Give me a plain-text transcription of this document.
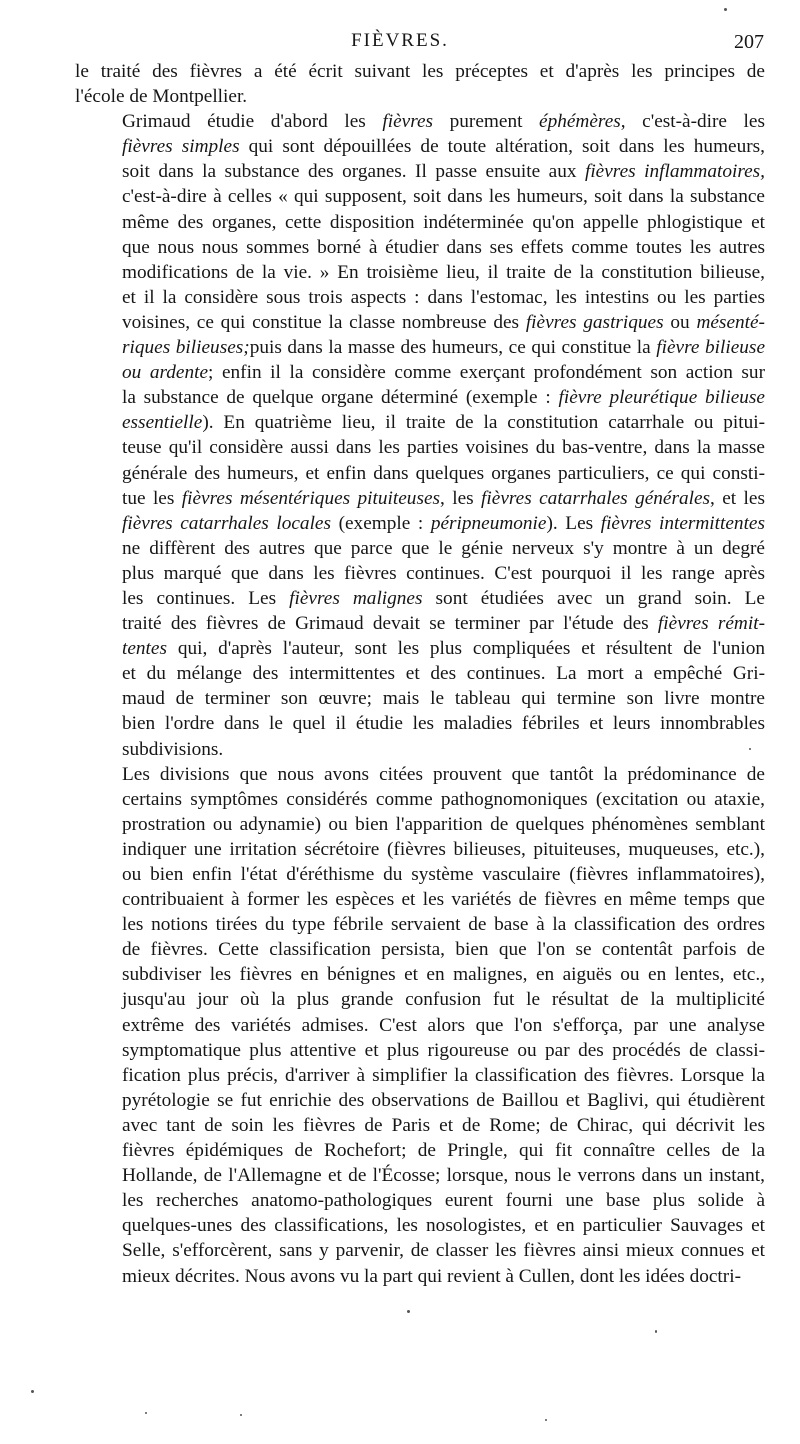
FIÈVRES.	207

le traité des fièvres a été écrit suivant les préceptes et d'après les principes de
l'école de Montpellier.

Grimaud étudie d'abord les fièvres purement éphémères, c'est-à-dire les
fièvres simples qui sont dépouillées de toute altération, soit dans les humeurs,
soit dans la substance des organes. Il passe ensuite aux fièvres inflammatoires,
c'est-à-dire à celles « qui supposent, soit dans les humeurs, soit dans la substance
même des organes, cette disposition indéterminée qu'on appelle phlogistique et
que nous nous sommes borné à étudier dans ses effets comme toutes les autres
modifications de la vie. » En troisième lieu, il traite de la constitution bilieuse,
et il la considère sous trois aspects : dans l'estomac, les intestins ou les parties
voisines, ce qui constitue la classe nombreuse des fièvres gastriques ou mésenté-
riques bilieuses;puis dans la masse des humeurs, ce qui constitue la fièvre bilieuse
ou ardente; enfin il la considère comme exerçant profondément son action sur
la substance de quelque organe déterminé (exemple : fièvre pleurétique bilieuse
essentielle). En quatrième lieu, il traite de la constitution catarrhale ou pitui-
teuse qu'il considère aussi dans les parties voisines du bas-ventre, dans la masse
générale des humeurs, et enfin dans quelques organes particuliers, ce qui consti-
tue les fièvres mésentériques pituiteuses, les fièvres catarrhales générales, et les
fièvres catarrhales locales (exemple : péripneumonie). Les fièvres intermittentes
ne diffèrent des autres que parce que le génie nerveux s'y montre à un degré
plus marqué que dans les fièvres continues. C'est pourquoi il les range après
les continues. Les fièvres malignes sont étudiées avec un grand soin. Le
traité des fièvres de Grimaud devait se terminer par l'étude des fièvres rémit-
tentes qui, d'après l'auteur, sont les plus compliquées et résultent de l'union
et du mélange des intermittentes et des continues. La mort a empêché Gri-
maud de terminer son œuvre; mais le tableau qui termine son livre montre
bien l'ordre dans le quel il étudie les maladies fébriles et leurs innombrables
subdivisions.

Les divisions que nous avons citées prouvent que tantôt la prédominance de
certains symptômes considérés comme pathognomoniques (excitation ou ataxie,
prostration ou adynamie) ou bien l'apparition de quelques phénomènes semblant
indiquer une irritation sécrétoire (fièvres bilieuses, pituiteuses, muqueuses, etc.),
ou bien enfin l'état d'éréthisme du système vasculaire (fièvres inflammatoires),
contribuaient à former les espèces et les variétés de fièvres en même temps que
les notions tirées du type fébrile servaient de base à la classification des ordres
de fièvres. Cette classification persista, bien que l'on se contentât parfois de
subdiviser les fièvres en bénignes et en malignes, en aiguës ou en lentes, etc.,
jusqu'au jour où la plus grande confusion fut le résultat de la multiplicité
extrême des variétés admises. C'est alors que l'on s'efforça, par une analyse
symptomatique plus attentive et plus rigoureuse ou par des procédés de classi-
fication plus précis, d'arriver à simplifier la classification des fièvres. Lorsque la
pyrétologie se fut enrichie des observations de Baillou et Baglivi, qui étudièrent
avec tant de soin les fièvres de Paris et de Rome; de Chirac, qui décrivit les
fièvres épidémiques de Rochefort; de Pringle, qui fit connaître celles de la
Hollande, de l'Allemagne et de l'Écosse; lorsque, nous le verrons dans un instant,
les recherches anatomo-pathologiques eurent fourni une base plus solide à
quelques-unes des classifications, les nosologistes, et en particulier Sauvages et
Selle, s'efforcèrent, sans y parvenir, de classer les fièvres ainsi mieux connues et
mieux décrites. Nous avons vu la part qui revient à Cullen, dont les idées doctri-
